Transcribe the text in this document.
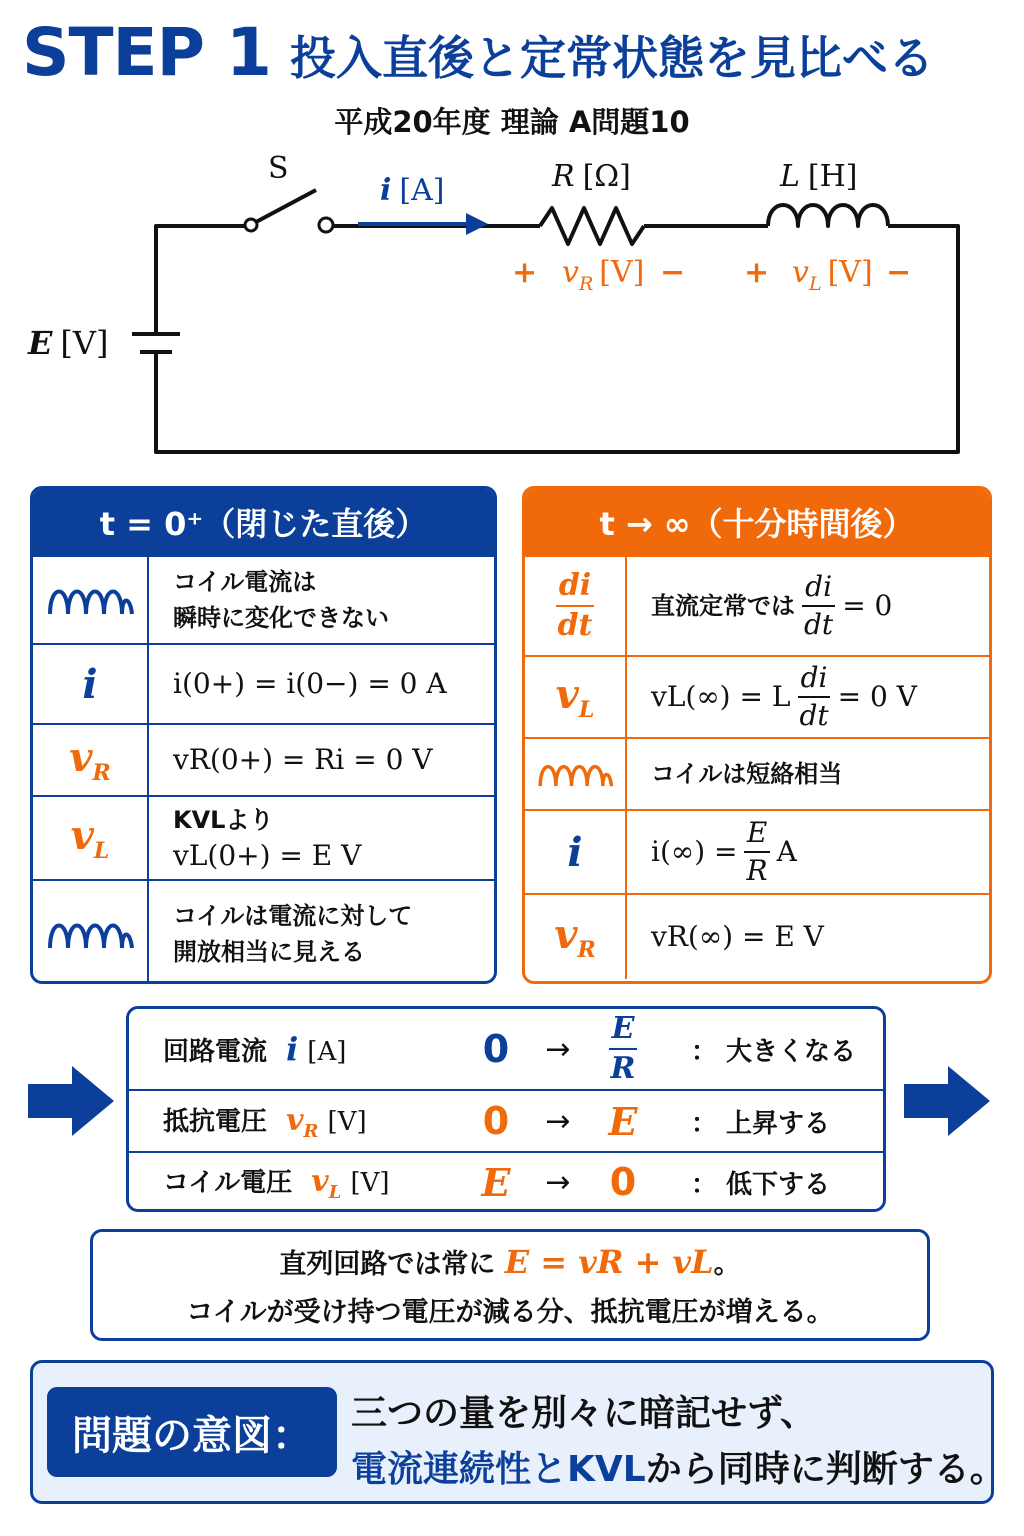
STEP 1 投入直後と定常状態を見比べる
平成20年度 理論 A問題10
S
i [A]	R [Ω]	L [H]
E [V]
+ $v_R$ [V] − + $v_L$ [V] −
t = 0⁺（閉じた直後）
コイル電流は
瞬時に変化できない
i	i(0+) = i(0−) = 0 A
$v_R$ vR(0+) = Ri = 0 V
$v_L$
KVLより
vL(0+) = E V
コイルは電流に対して
開放相当に見える
t → ∞（十分時間後）
$\frac{di}{dt}$ 直流定常では $\frac{di}{dt} = 0$
$v_L$ vL(∞) = L $\frac{di}{dt} = 0$ V
コイルは短絡相当
i $i(\infty) = \frac{E}{R}$ A
$v_R$ vR(∞) = E V
回路電流 i [A]	0	→	$\frac{E}{R}$ ： 大きくなる
抵抗電圧 $v_R$ [V]	0	→ E	： 上昇する
コイル電圧 $v_L$ [V]	E	→	0	： 低下する
直列回路では常に E = vR + vL。
コイルが受け持つ電圧が減る分、抵抗電圧が増える。
問題の意図：	三つの量を別々に暗記せず、
電流連続性とKVLから同時に判断する。
